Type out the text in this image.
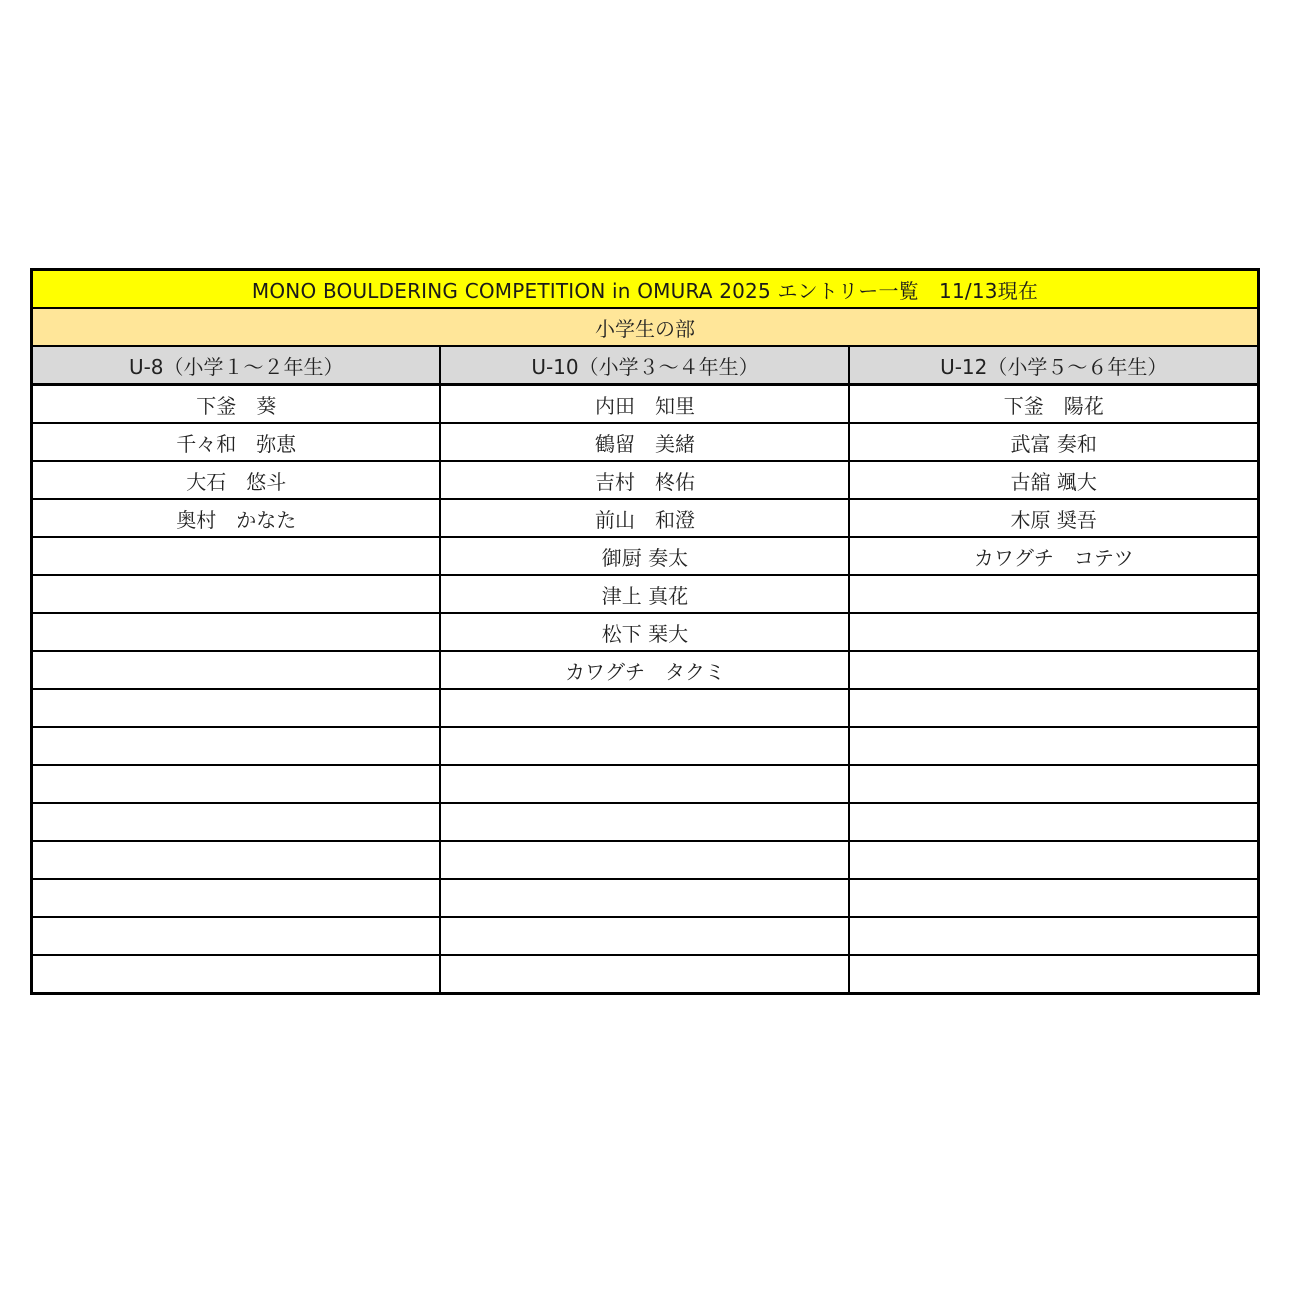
MONO BOULDERING COMPETITION in OMURA 2025 エントリー一覧　11/13現在		
小学生の部		
U-8（小学１～２年生）	U-10（小学３～４年生）	U-12（小学５～６年生）
下釜　葵	内田　知里	下釜　陽花
千々和　弥恵	鶴留　美緒	武富 奏和
大石　悠斗	吉村　柊佑	古舘 颯大
奥村　かなた	前山　和澄	木原 奨吾
	御厨 奏太	カワグチ　コテツ
	津上 真花	
	松下 琹大	
	カワグチ　タクミ	
